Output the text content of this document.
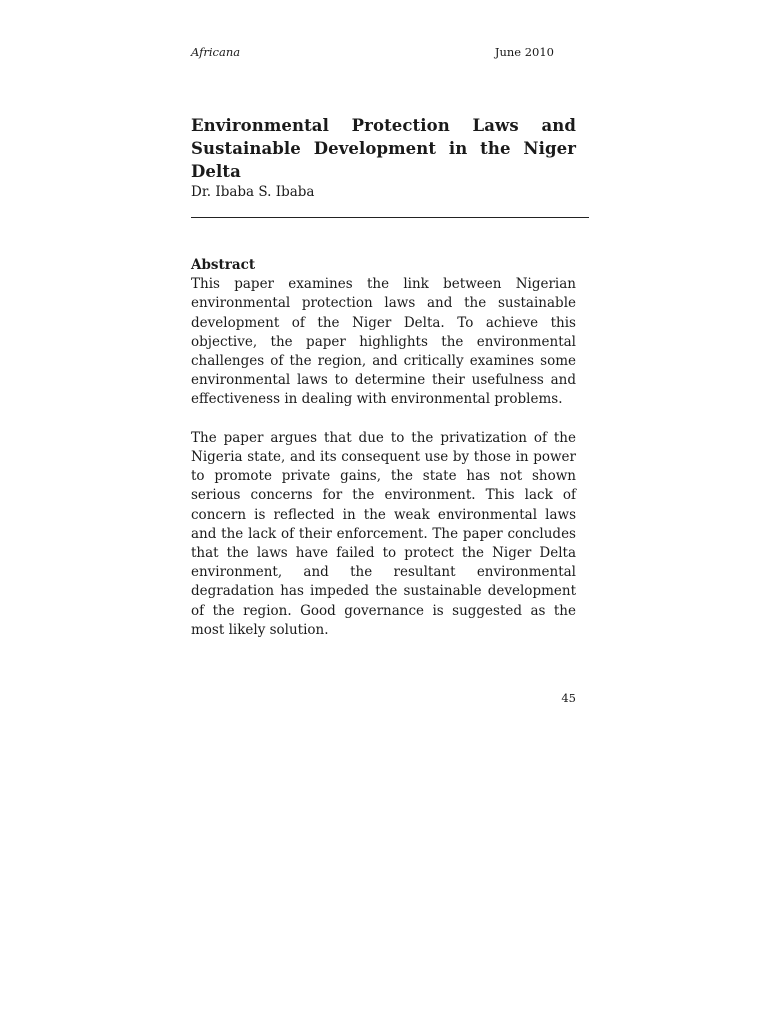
Africana	June 2010
Environmental Protection Laws and
Sustainable Development in the Niger Delta
Dr. Ibaba S. Ibaba
Abstract

This paper examines the link between Nigerian environmental protection laws and the sustainable development of the Niger Delta. To achieve this objective, the paper highlights the environmental challenges of the region, and critically examines some environmental laws to determine their usefulness and effectiveness in dealing with environmental problems.

The paper argues that due to the privatization of the Nigeria state, and its consequent use by those in power to promote private gains, the state has not shown serious concerns for the environment. This lack of concern is reflected in the weak environmental laws and the lack of their enforcement. The paper concludes that the laws have failed to protect the Niger Delta environment, and the resultant environmental degradation has impeded the sustainable development of the region. Good governance is suggested as the most likely solution.

45
